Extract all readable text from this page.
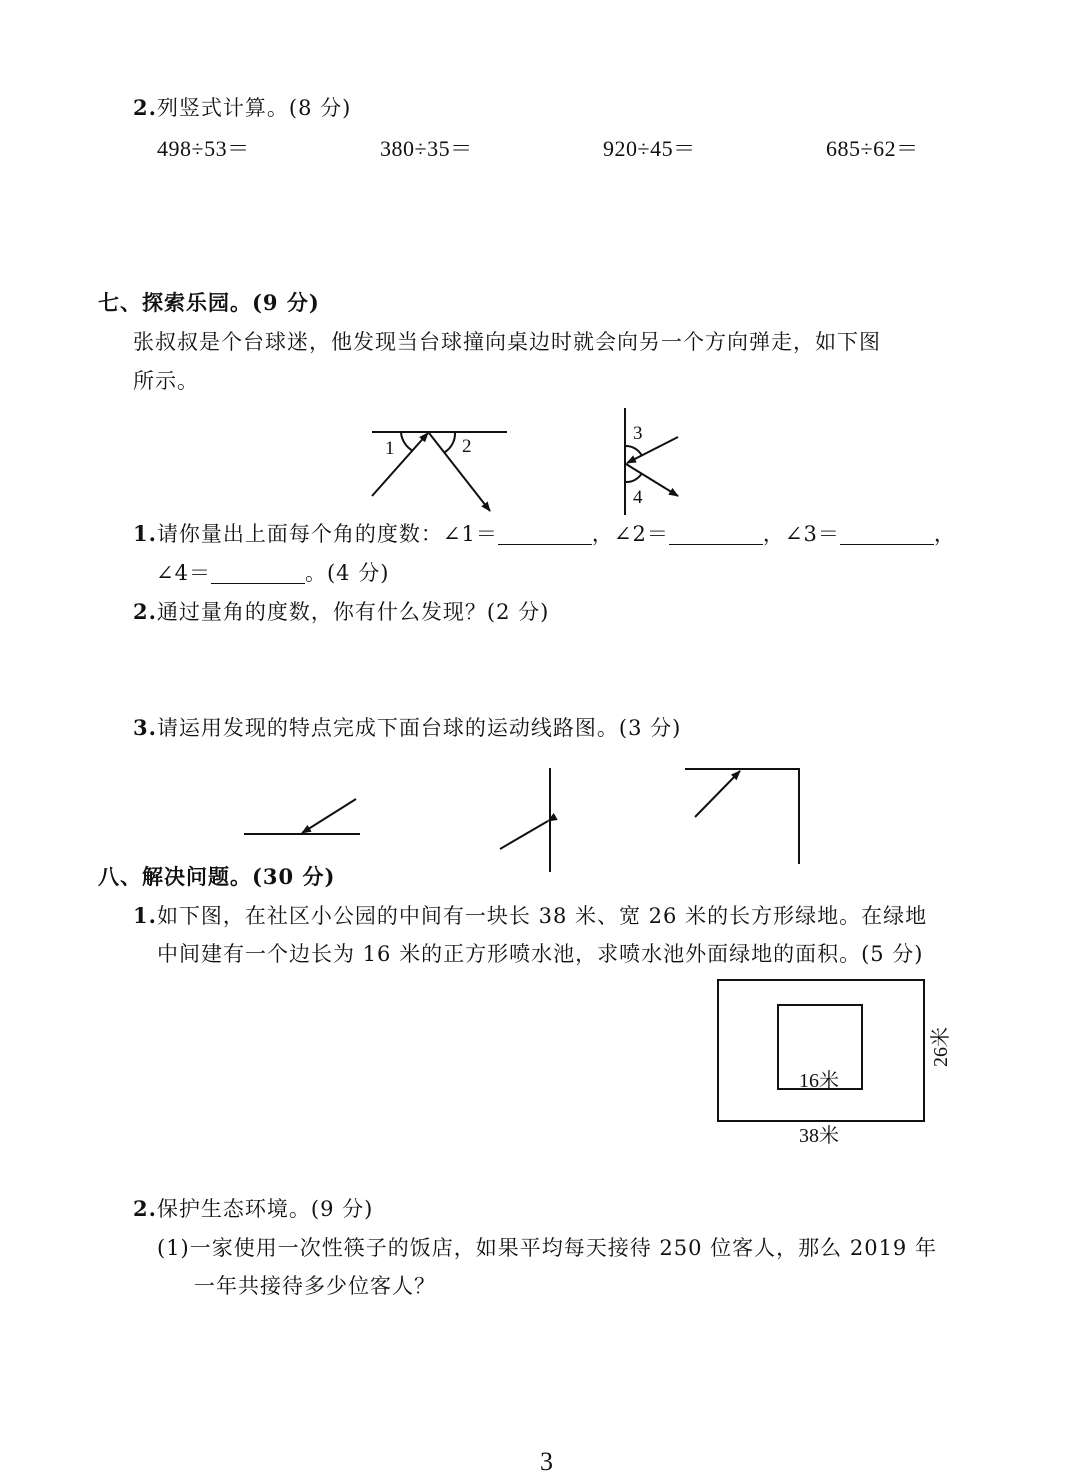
2.列竖式计算。(8 分)
498÷53＝	380÷35＝	920÷45＝	685÷62＝
七、探索乐园。(9 分)
张叔叔是个台球迷，他发现当台球撞向桌边时就会向另一个方向弹走，如下图
所示。
1	2
3
4
1.请你量出上面每个角的度数：∠1＝	，∠2＝	，∠3＝	，
∠4＝	。(4 分)
2.通过量角的度数，你有什么发现？(2 分)
3.请运用发现的特点完成下面台球的运动线路图。(3 分)
八、解决问题。(30 分)
1.如下图，在社区小公园的中间有一块长 38 米、宽 26 米的长方形绿地。在绿地
中间建有一个边长为 16 米的正方形喷水池，求喷水池外面绿地的面积。(5 分)
16米
38米
26米
2.保护生态环境。(9 分)
(1)一家使用一次性筷子的饭店，如果平均每天接待 250 位客人，那么 2019 年
一年共接待多少位客人？
3
